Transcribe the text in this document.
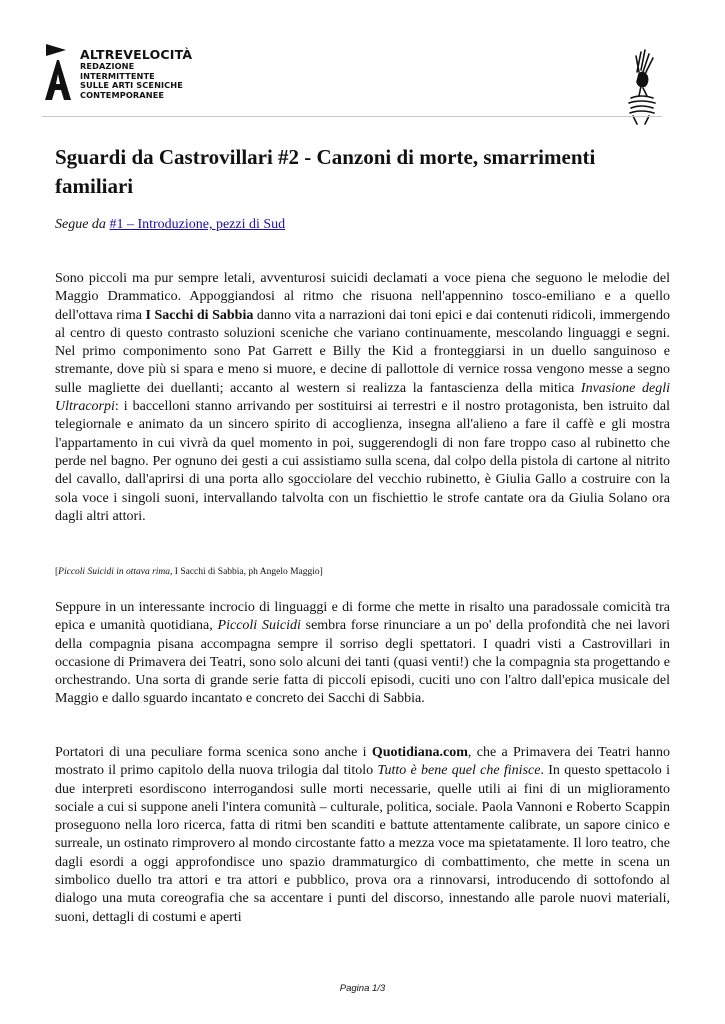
ALTREVELOCITÀ
REDAZIONE
INTERMITTENTE
SULLE ARTI SCENICHE
CONTEMPORANEE
Sguardi da Castrovillari #2 - Canzoni di morte, smarrimenti familiari
Segue da #1 – Introduzione, pezzi di Sud

Sono piccoli ma pur sempre letali, avventurosi suicidi declamati a voce piena che seguono le melodie del Maggio Drammatico. Appoggiandosi al ritmo che risuona nell'appennino tosco-emiliano e a quello dell'ottava rima I Sacchi di Sabbia danno vita a narrazioni dai toni epici e dai contenuti ridicoli, immergendo al centro di questo contrasto soluzioni sceniche che variano continuamente, mescolando linguaggi e segni. Nel primo componimento sono Pat Garrett e Billy the Kid a fronteggiarsi in un duello sanguinoso e stremante, dove più si spara e meno si muore, e decine di pallottole di vernice rossa vengono messe a segno sulle magliette dei duellanti; accanto al western si realizza la fantascienza della mitica Invasione degli Ultracorpi: i baccelloni stanno arrivando per sostituirsi ai terrestri e il nostro protagonista, ben istruito dal telegiornale e animato da un sincero spirito di accoglienza, insegna all'alieno a fare il caffè e gli mostra l'appartamento in cui vivrà da quel momento in poi, suggerendogli di non fare troppo caso al rubinetto che perde nel bagno. Per ognuno dei gesti a cui assistiamo sulla scena, dal colpo della pistola di cartone al nitrito del cavallo, dall'aprirsi di una porta allo sgocciolare del vecchio rubinetto, è Giulia Gallo a costruire con la sola voce i singoli suoni, intervallando talvolta con un fischiettio le strofe cantate ora da Giulia Solano ora dagli altri attori.

[Piccoli Suicidi in ottava rima, I Sacchi di Sabbia, ph Angelo Maggio]

Seppure in un interessante incrocio di linguaggi e di forme che mette in risalto una paradossale comicità tra epica e umanità quotidiana, Piccoli Suicidi sembra forse rinunciare a un po' della profondità che nei lavori della compagnia pisana accompagna sempre il sorriso degli spettatori. I quadri visti a Castrovillari in occasione di Primavera dei Teatri, sono solo alcuni dei tanti (quasi venti!) che la compagnia sta progettando e orchestrando. Una sorta di grande serie fatta di piccoli episodi, cuciti uno con l'altro dall'epica musicale del Maggio e dallo sguardo incantato e concreto dei Sacchi di Sabbia.

Portatori di una peculiare forma scenica sono anche i Quotidiana.com, che a Primavera dei Teatri hanno mostrato il primo capitolo della nuova trilogia dal titolo Tutto è bene quel che finisce. In questo spettacolo i due interpreti esordiscono interrogandosi sulle morti necessarie, quelle utili ai fini di un miglioramento sociale a cui si suppone aneli l'intera comunità – culturale, politica, sociale. Paola Vannoni e Roberto Scappin proseguono nella loro ricerca, fatta di ritmi ben scanditi e battute attentamente calibrate, un sapore cinico e surreale, un ostinato rimprovero al mondo circostante fatto a mezza voce ma spietatamente. Il loro teatro, che dagli esordi a oggi approfondisce uno spazio drammaturgico di combattimento, che mette in scena un simbolico duello tra attori e tra attori e pubblico, prova ora a rinnovarsi, introducendo di sottofondo al dialogo una muta coreografia che sa accentare i punti del discorso, innestando alle parole nuovi materiali, suoni, dettagli di costumi e aperti

Pagina 1/3
